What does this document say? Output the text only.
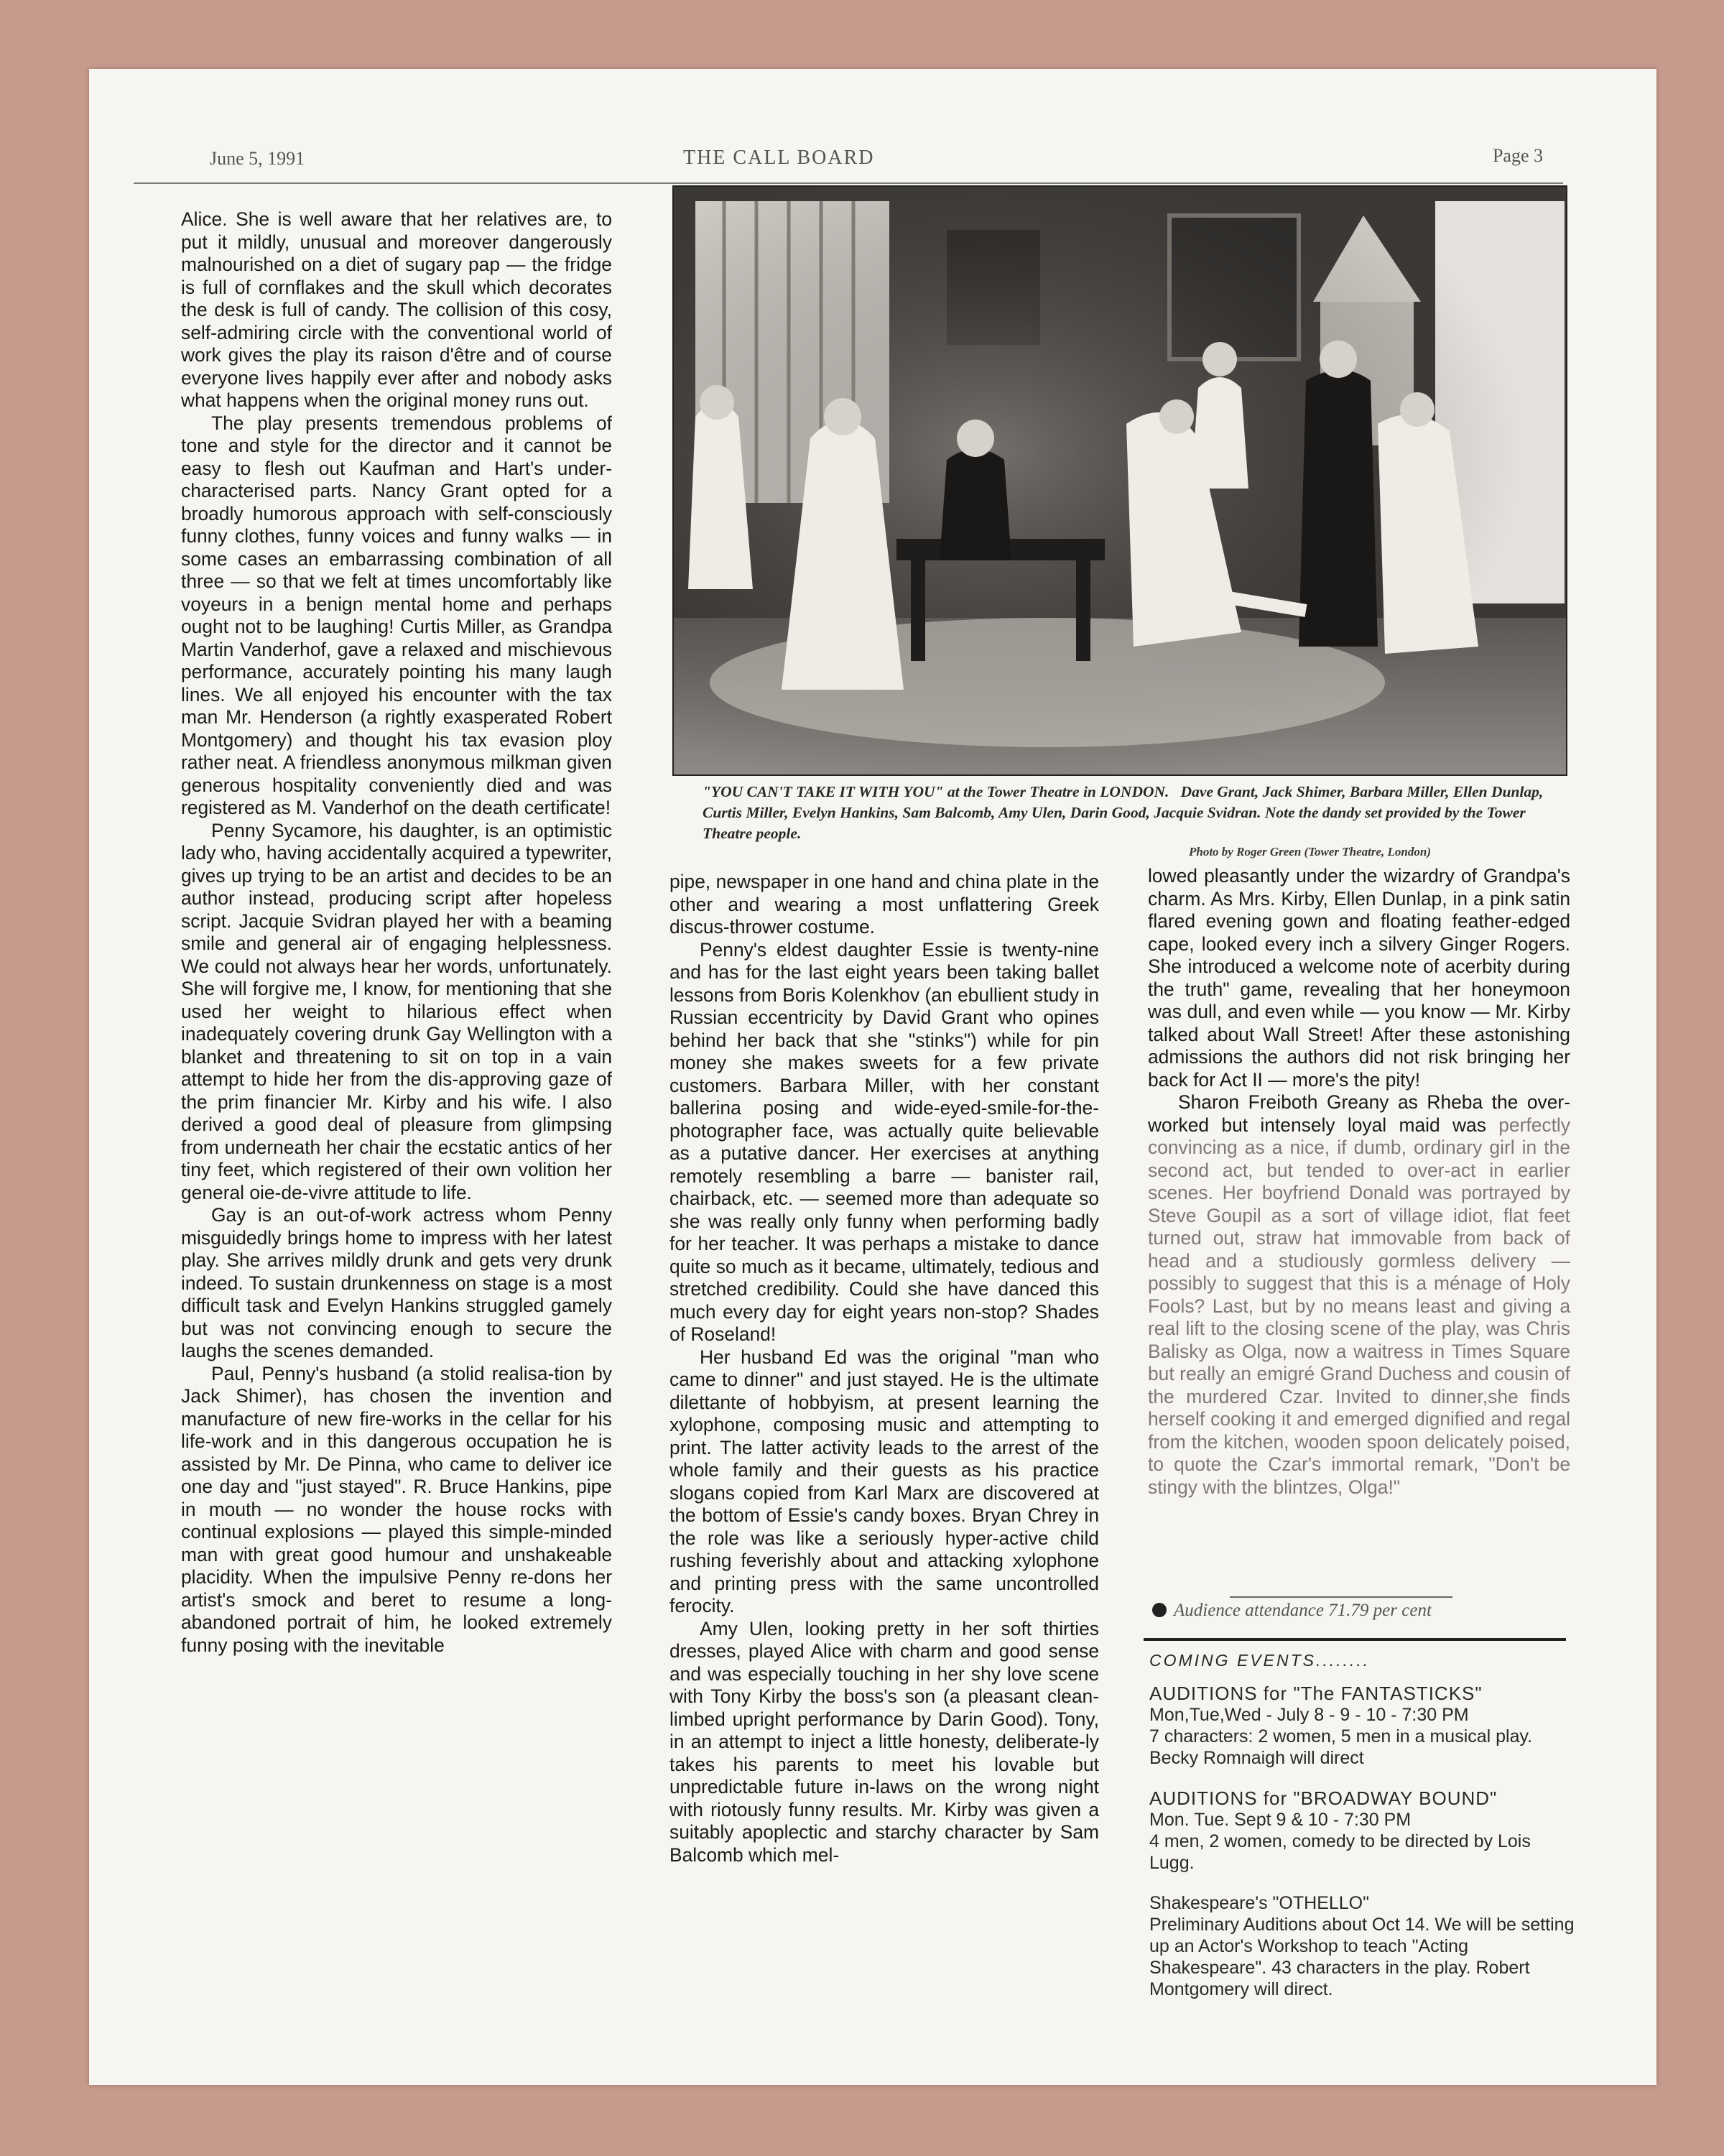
June 5, 1991	THE CALL BOARD	Page 3

Alice. She is well aware that her relatives are, to put it mildly, unusual and moreover dangerously malnourished on a diet of sugary pap — the fridge is full of cornflakes and the skull which decorates the desk is full of candy. The collision of this cosy, self-admiring circle with the conventional world of work gives the play its raison d'être and of course everyone lives happily ever after and nobody asks what happens when the original money runs out.

The play presents tremendous problems of tone and style for the director and it cannot be easy to flesh out Kaufman and Hart's under-characterised parts. Nancy Grant opted for a broadly humorous approach with self-consciously funny clothes, funny voices and funny walks — in some cases an embarrassing combination of all three — so that we felt at times uncomfortably like voyeurs in a benign mental home and perhaps ought not to be laughing! Curtis Miller, as Grandpa Martin Vanderhof, gave a relaxed and mischievous performance, accurately pointing his many laugh lines. We all enjoyed his encounter with the tax man Mr. Henderson (a rightly exasperated Robert Montgomery) and thought his tax evasion ploy rather neat. A friendless anonymous milkman given generous hospitality conveniently died and was registered as M. Vanderhof on the death certificate!

Penny Sycamore, his daughter, is an optimistic lady who, having accidentally acquired a typewriter, gives up trying to be an artist and decides to be an author instead, producing script after hopeless script. Jacquie Svidran played her with a beaming smile and general air of engaging helplessness. We could not always hear her words, unfortunately. She will forgive me, I know, for mentioning that she used her weight to hilarious effect when inadequately covering drunk Gay Wellington with a blanket and threatening to sit on top in a vain attempt to hide her from the dis-approving gaze of the prim financier Mr. Kirby and his wife. I also derived a good deal of pleasure from glimpsing from underneath her chair the ecstatic antics of her tiny feet, which registered of their own volition her general oie-de-vivre attitude to life.

Gay is an out-of-work actress whom Penny misguidedly brings home to impress with her latest play. She arrives mildly drunk and gets very drunk indeed. To sustain drunkenness on stage is a most difficult task and Evelyn Hankins struggled gamely but was not convincing enough to secure the laughs the scenes demanded.

Paul, Penny's husband (a stolid realisa-tion by Jack Shimer), has chosen the invention and manufacture of new fire-works in the cellar for his life-work and in this dangerous occupation he is assisted by Mr. De Pinna, who came to deliver ice one day and "just stayed". R. Bruce Hankins, pipe in mouth — no wonder the house rocks with continual explosions — played this simple-minded man with great good humour and unshakeable placidity. When the impulsive Penny re-dons her artist's smock and beret to resume a long-abandoned portrait of him, he looked extremely funny posing with the inevitable

"YOU CAN'T TAKE IT WITH YOU" at the Tower Theatre in LONDON. Dave Grant, Jack Shimer, Barbara Miller, Ellen Dunlap, Curtis Miller, Evelyn Hankins, Sam Balcomb, Amy Ulen, Darin Good, Jacquie Svidran. Note the dandy set provided by the Tower Theatre people.
Photo by Roger Green (Tower Theatre, London)

pipe, newspaper in one hand and china plate in the other and wearing a most unflattering Greek discus-thrower costume.

Penny's eldest daughter Essie is twenty-nine and has for the last eight years been taking ballet lessons from Boris Kolenkhov (an ebullient study in Russian eccentricity by David Grant who opines behind her back that she "stinks") while for pin money she makes sweets for a few private customers. Barbara Miller, with her constant ballerina posing and wide-eyed-smile-for-the-photographer face, was actually quite believable as a putative dancer. Her exercises at anything remotely resembling a barre — banister rail, chairback, etc. — seemed more than adequate so she was really only funny when performing badly for her teacher. It was perhaps a mistake to dance quite so much as it became, ultimately, tedious and stretched credibility. Could she have danced this much every day for eight years non-stop? Shades of Roseland!

Her husband Ed was the original "man who came to dinner" and just stayed. He is the ultimate dilettante of hobbyism, at present learning the xylophone, composing music and attempting to print. The latter activity leads to the arrest of the whole family and their guests as his practice slogans copied from Karl Marx are discovered at the bottom of Essie's candy boxes. Bryan Chrey in the role was like a seriously hyper-active child rushing feverishly about and attacking xylophone and printing press with the same uncontrolled ferocity.

Amy Ulen, looking pretty in her soft thirties dresses, played Alice with charm and good sense and was especially touching in her shy love scene with Tony Kirby the boss's son (a pleasant clean-limbed upright performance by Darin Good). Tony, in an attempt to inject a little honesty, deliberate-ly takes his parents to meet his lovable but unpredictable future in-laws on the wrong night with riotously funny results. Mr. Kirby was given a suitably apoplectic and starchy character by Sam Balcomb which mel-

lowed pleasantly under the wizardry of Grandpa's charm. As Mrs. Kirby, Ellen Dunlap, in a pink satin flared evening gown and floating feather-edged cape, looked every inch a silvery Ginger Rogers. She introduced a welcome note of acerbity during the truth" game, revealing that her honeymoon was dull, and even while — you know — Mr. Kirby talked about Wall Street! After these astonishing admissions the authors did not risk bringing her back for Act II — more's the pity!

Sharon Freiboth Greany as Rheba the over-worked but intensely loyal maid was perfectly convincing as a nice, if dumb, ordinary girl in the second act, but tended to over-act in earlier scenes. Her boyfriend Donald was portrayed by Steve Goupil as a sort of village idiot, flat feet turned out, straw hat immovable from back of head and a studiously gormless delivery — possibly to suggest that this is a ménage of Holy Fools? Last, but by no means least and giving a real lift to the closing scene of the play, was Chris Balisky as Olga, now a waitress in Times Square but really an emigré Grand Duchess and cousin of the murdered Czar. Invited to dinner,she finds herself cooking it and emerged dignified and regal from the kitchen, wooden spoon delicately poised, to quote the Czar's immortal remark, "Don't be stingy with the blintzes, Olga!"

Audience attendance 71.79 per cent
COMING EVENTS........
AUDITIONS for "The FANTASTICKS"
Mon,Tue,Wed - July 8 - 9 - 10 - 7:30 PM
7 characters: 2 women, 5 men in a musical play. Becky Romnaigh will direct
AUDITIONS for "BROADWAY BOUND"
Mon. Tue. Sept 9 & 10 - 7:30 PM
4 men, 2 women, comedy to be directed by Lois Lugg.
Shakespeare's "OTHELLO"
Preliminary Auditions about Oct 14. We will be setting up an Actor's Workshop to teach "Acting Shakespeare". 43 characters in the play. Robert Montgomery will direct.
